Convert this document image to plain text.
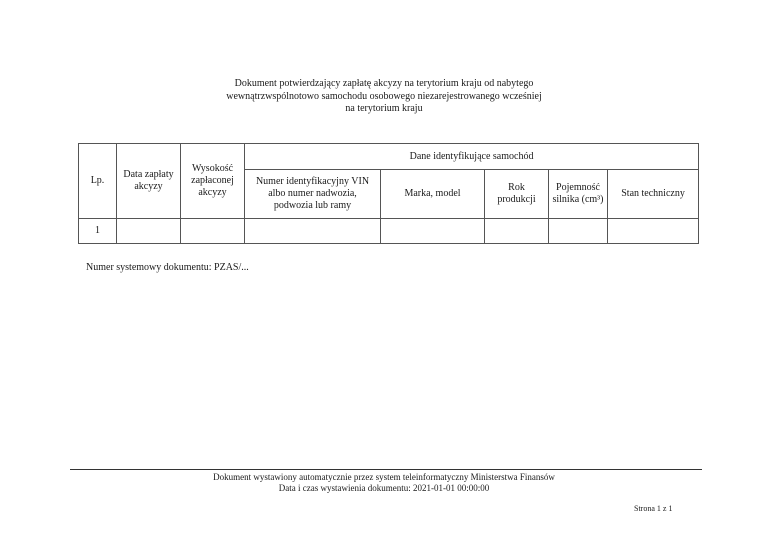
Dokument potwierdzający zapłatę akcyzy na terytorium kraju od nabytego
wewnątrzwspólnotowo samochodu osobowego niezarejestrowanego wcześniej
na terytorium kraju
Lp.	Data zapłaty akcyzy	Wysokość zapłaconej akcyzy	Dane identyfikujące samochód				
			Numer identyfikacyjny VIN albo numer nadwozia, podwozia lub ramy	Marka, model	Rok produkcji	Pojemność silnika (cm³)	Stan techniczny
1							
Numer systemowy dokumentu: PZAS/...
Dokument wystawiony automatycznie przez system teleinformatyczny Ministerstwa Finansów
Data i czas wystawienia dokumentu: 2021-01-01 00:00:00
Strona 1 z 1
